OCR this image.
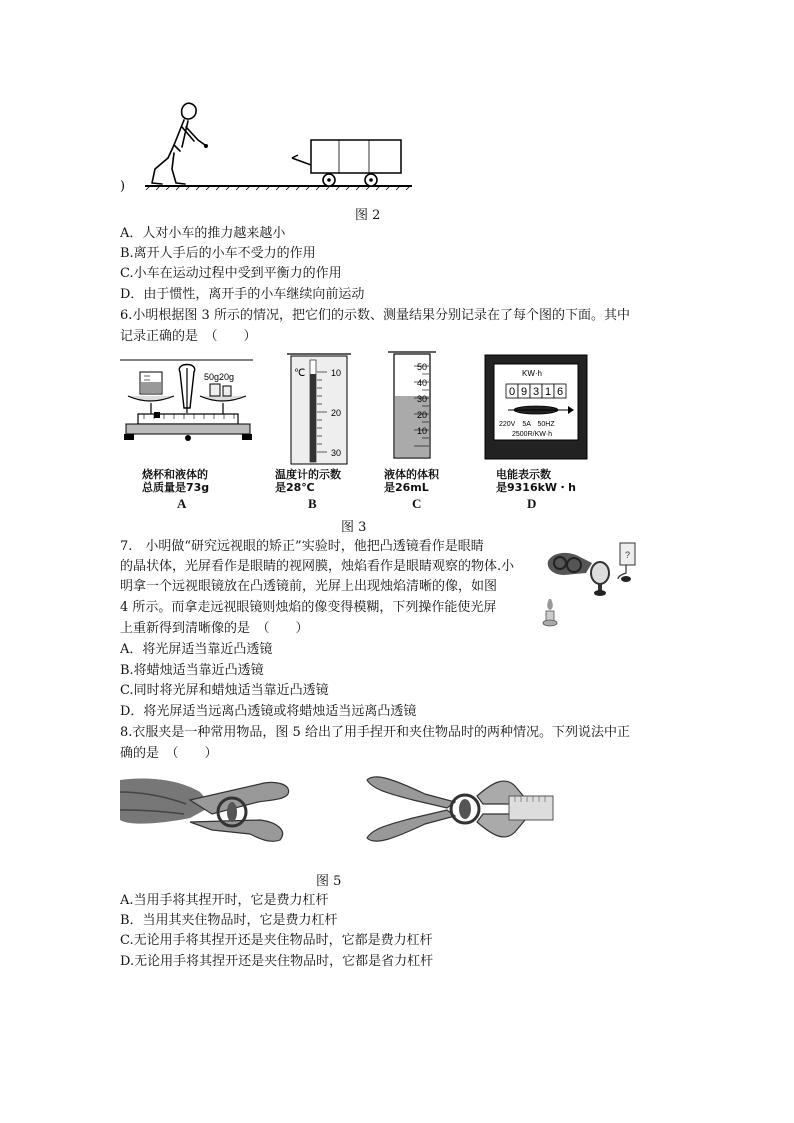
)
图 2
A．人对小车的推力越来越小
B.离开人手后的小车不受力的作用
C.小车在运动过程中受到平衡力的作用
D．由于惯性，离开手的小车继续向前运动
6.小明根据图 3 所示的情况，把它们的示数、测量结果分别记录在了每个图的下面。其中
记录正确的是　（　　）
50g20g
烧杯和液体的
总质量是73g
A
℃	10
20
30
温度计的示数
是28℃
B
50
40
30
20
10
液体的体积
是26mL
C
KW·h
0 9 3 1 6
220V　5A　50HZ
2500R/KW·h
电能表示数
是9316kW・h
D
图 3
7.　小明做“研究远视眼的矫正”实验时，他把凸透镜看作是眼睛
的晶状体，光屏看作是眼睛的视网膜，烛焰看作是眼睛观察的物体.小
明拿一个远视眼镜放在凸透镜前，光屏上出现烛焰清晰的像，如图
4 所示。而拿走远视眼镜则烛焰的像变得模糊，下列操作能使光屏
上重新得到清晰像的是　（　　）
?
A．将光屏适当靠近凸透镜
B.将蜡烛适当靠近凸透镜
C.同时将光屏和蜡烛适当靠近凸透镜
D．将光屏适当远离凸透镜或将蜡烛适当远离凸透镜
8.衣服夹是一种常用物品，图 5 给出了用手捏开和夹住物品时的两种情况。下列说法中正
确的是　（　　）
图 5
A.当用手将其捏开时，它是费力杠杆
B．当用其夹住物品时，它是费力杠杆
C.无论用手将其捏开还是夹住物品时，它都是费力杠杆
D.无论用手将其捏开还是夹住物品时，它都是省力杠杆
